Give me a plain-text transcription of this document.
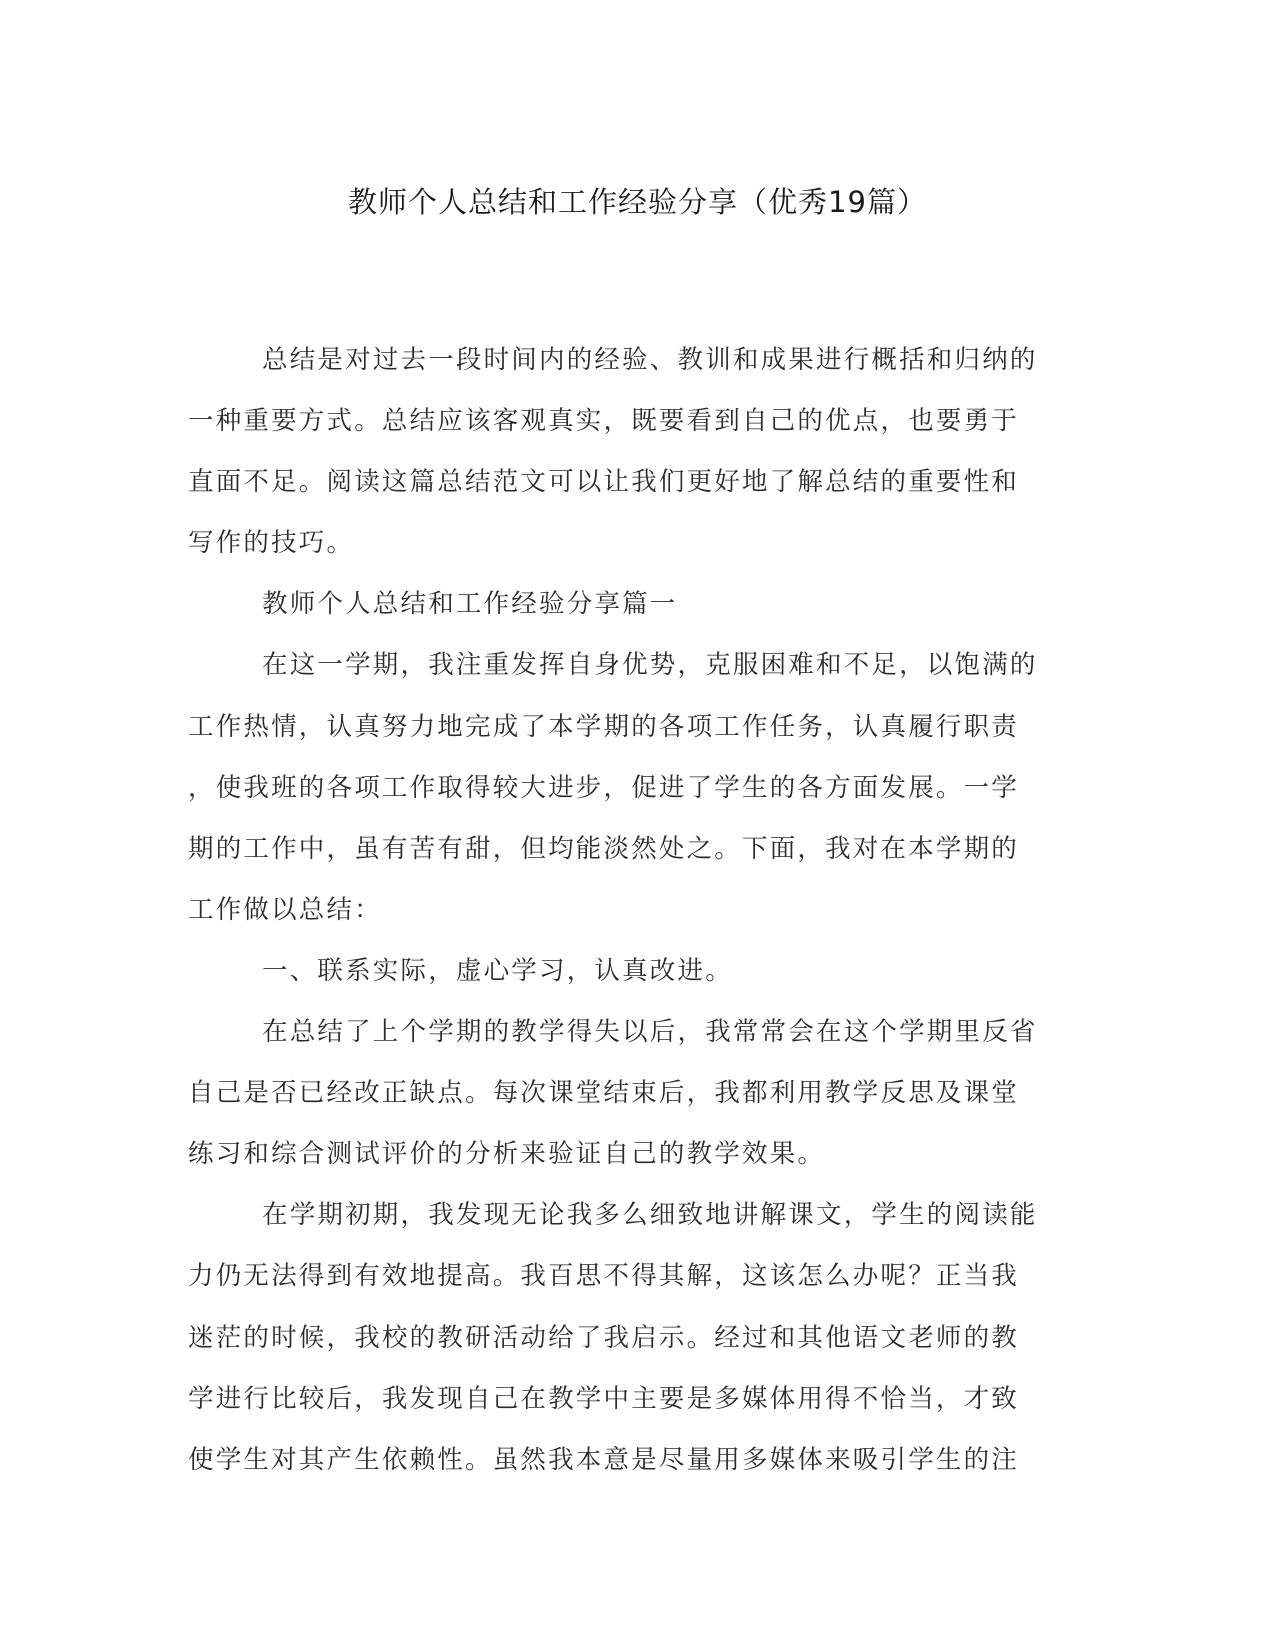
教师个人总结和工作经验分享（优秀19篇）
总结是对过去一段时间内的经验、教训和成果进行概括和归纳的
一种重要方式。总结应该客观真实，既要看到自己的优点，也要勇于
直面不足。阅读这篇总结范文可以让我们更好地了解总结的重要性和
写作的技巧。
教师个人总结和工作经验分享篇一
在这一学期，我注重发挥自身优势，克服困难和不足，以饱满的
工作热情，认真努力地完成了本学期的各项工作任务，认真履行职责
，使我班的各项工作取得较大进步，促进了学生的各方面发展。一学
期的工作中，虽有苦有甜，但均能淡然处之。下面，我对在本学期的
工作做以总结：
一、联系实际，虚心学习，认真改进。
在总结了上个学期的教学得失以后，我常常会在这个学期里反省
自己是否已经改正缺点。每次课堂结束后，我都利用教学反思及课堂
练习和综合测试评价的分析来验证自己的教学效果。
在学期初期，我发现无论我多么细致地讲解课文，学生的阅读能
力仍无法得到有效地提高。我百思不得其解，这该怎么办呢？正当我
迷茫的时候，我校的教研活动给了我启示。经过和其他语文老师的教
学进行比较后，我发现自己在教学中主要是多媒体用得不恰当，才致
使学生对其产生依赖性。虽然我本意是尽量用多媒体来吸引学生的注
